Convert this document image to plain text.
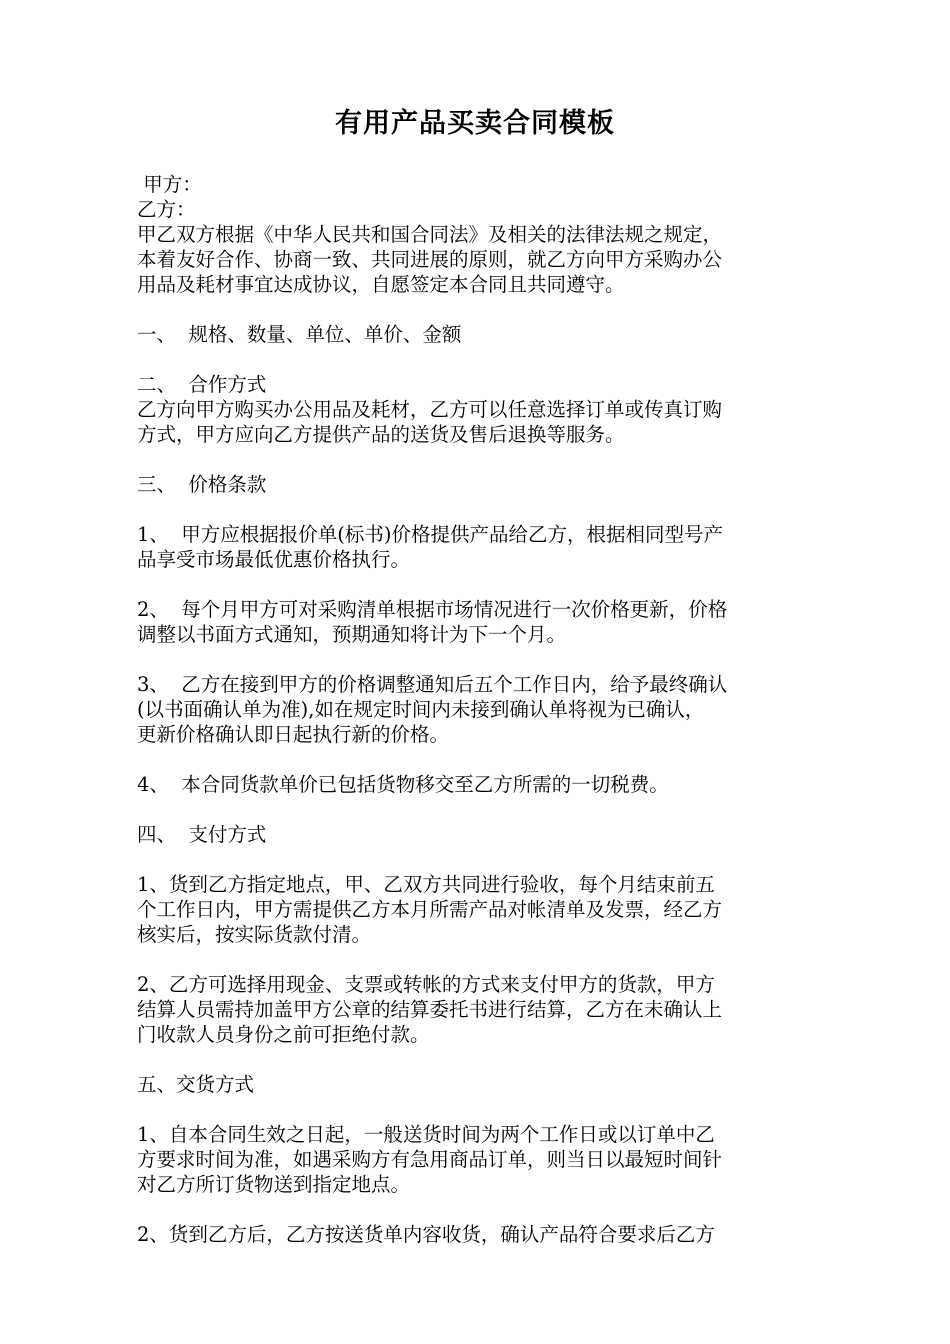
有用产品买卖合同模板
甲方：
乙方：
甲乙双方根据《中华人民共和国合同法》及相关的法律法规之规定，
本着友好合作、协商一致、共同进展的原则，就乙方向甲方采购办公
用品及耗材事宜达成协议，自愿签定本合同且共同遵守。
一、  规格、数量、单位、单价、金额
二、  合作方式
乙方向甲方购买办公用品及耗材，乙方可以任意选择订单或传真订购
方式，甲方应向乙方提供产品的送货及售后退换等服务。
三、  价格条款
1、  甲方应根据报价单(标书)价格提供产品给乙方，根据相同型号产
品享受市场最低优惠价格执行。
2、  每个月甲方可对采购清单根据市场情况进行一次价格更新，价格
调整以书面方式通知，预期通知将计为下一个月。
3、  乙方在接到甲方的价格调整通知后五个工作日内，给予最终确认
(以书面确认单为准),如在规定时间内未接到确认单将视为已确认，
更新价格确认即日起执行新的价格。
4、  本合同货款单价已包括货物移交至乙方所需的一切税费。
四、  支付方式
1、货到乙方指定地点，甲、乙双方共同进行验收，每个月结束前五
个工作日内，甲方需提供乙方本月所需产品对帐清单及发票，经乙方
核实后，按实际货款付清。
2、乙方可选择用现金、支票或转帐的方式来支付甲方的货款，甲方
结算人员需持加盖甲方公章的结算委托书进行结算，乙方在未确认上
门收款人员身份之前可拒绝付款。
五、交货方式
1、自本合同生效之日起，一般送货时间为两个工作日或以订单中乙
方要求时间为准，如遇采购方有急用商品订单，则当日以最短时间针
对乙方所订货物送到指定地点。
2、货到乙方后，乙方按送货单内容收货，确认产品符合要求后乙方
